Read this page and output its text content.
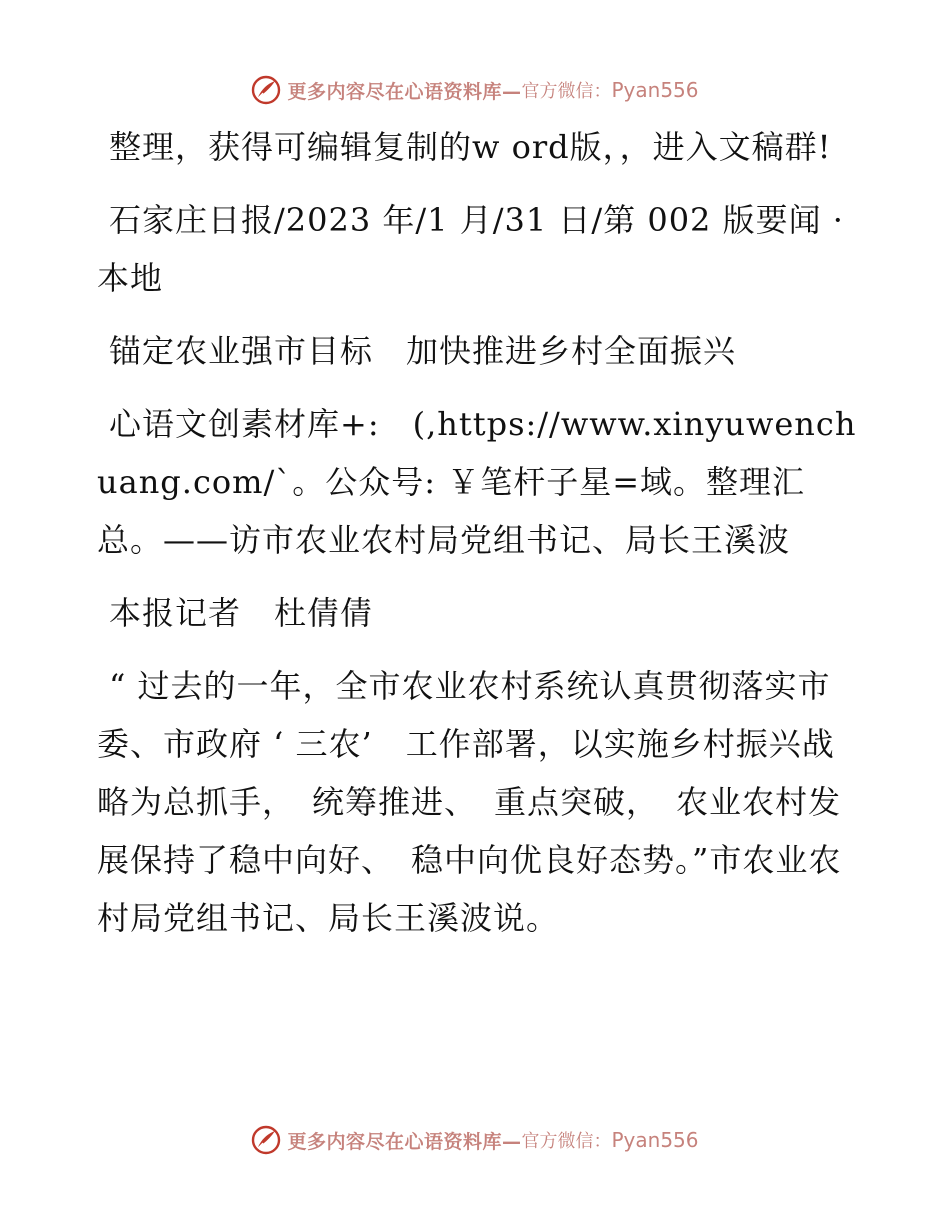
更多内容尽在心语资料库— 官方微信： Pyan556

整理，获得可编辑复制的w ord版，，进入文稿群!

石家庄日报/2023 年/1 月/31 日/第 002 版要闻 · 本地

锚定农业强市目标　加快推进乡村全面振兴

心语文创素材库+:　(,https://www.xinyuwenchuang.com/`。公众号: ￥笔杆子星=域。整理汇总。——访市农业农村局党组书记、局长王溪波

本报记者　杜倩倩

“ 过去的一年，全市农业农村系统认真贯彻落实市委、市政府 ‘ 三农’　工作部署，以实施乡村振兴战略为总抓手，　统筹推进、　重点突破，　农业农村发展保持了稳中向好、　稳中向优良好态势。”市农业农村局党组书记、局长王溪波说。

更多内容尽在心语资料库— 官方微信： Pyan556
